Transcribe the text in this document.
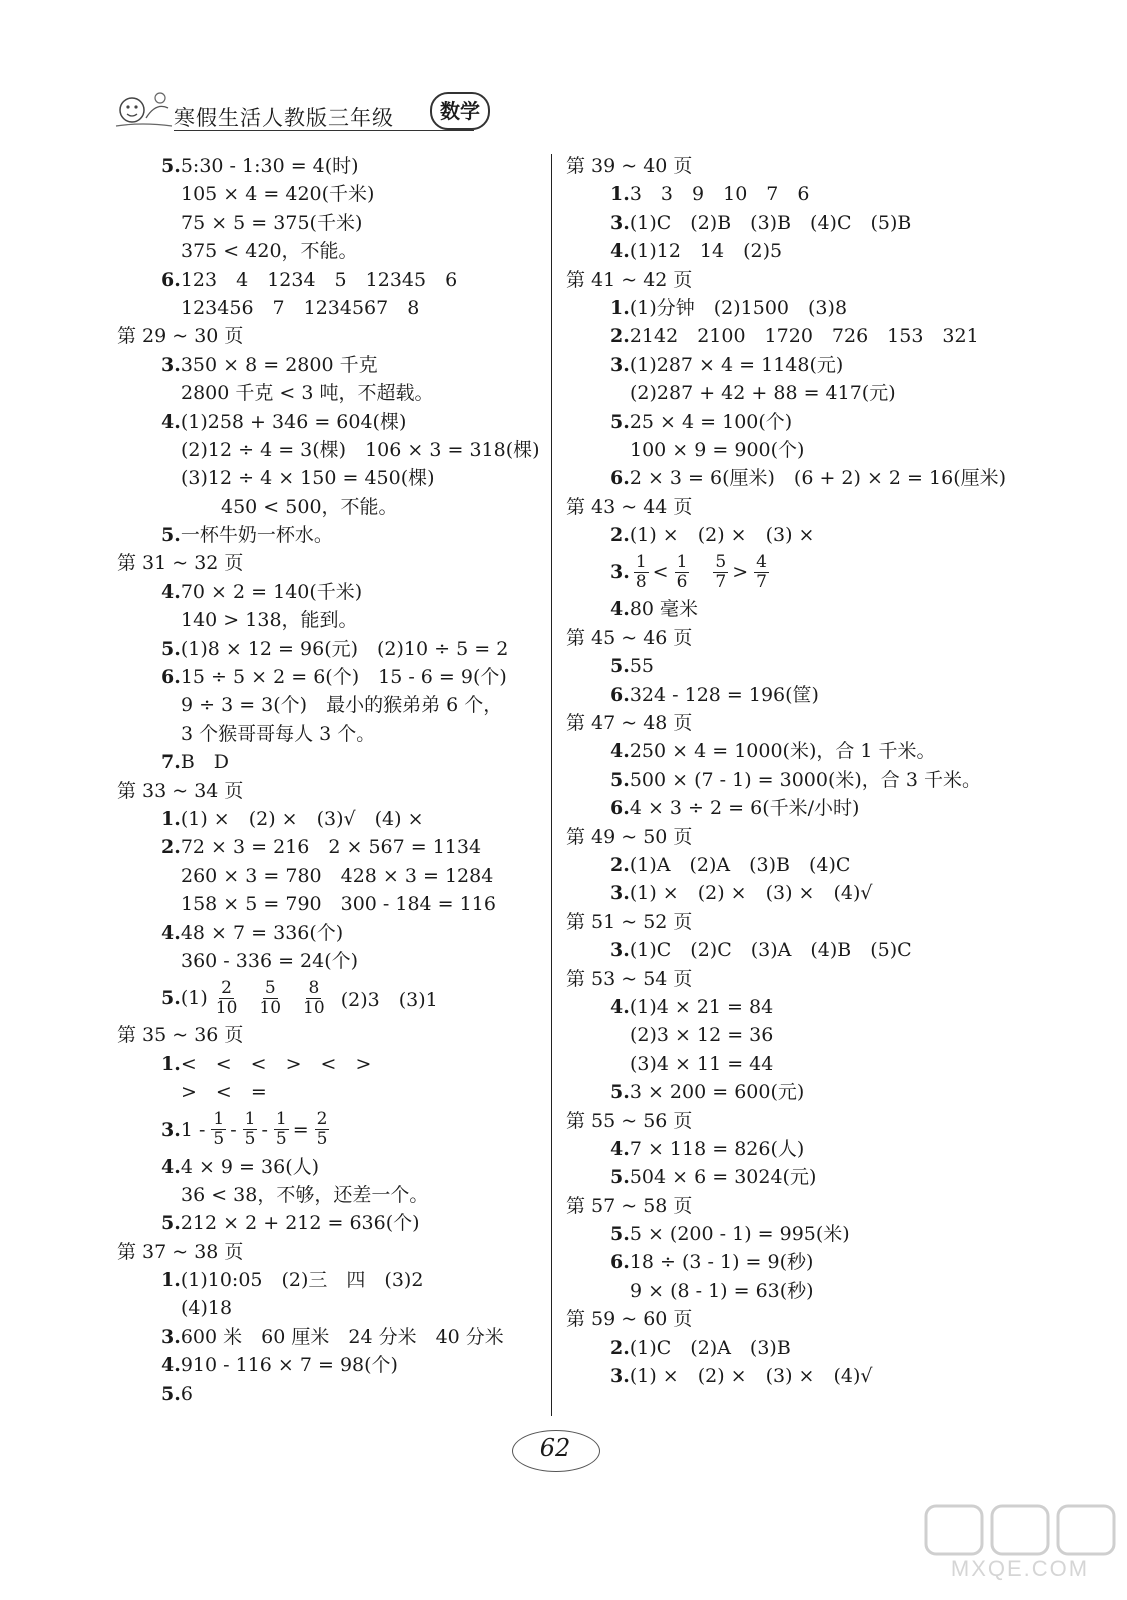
寒假生活人教版三年级	数学
5.5:30 - 1:30 = 4(时)
105 × 4 = 420(千米)
75 × 5 = 375(千米)
375 < 420，不能。
6.123　4　1234　5　12345　6
123456　7　1234567　8
第 29 ~ 30 页
3.350 × 8 = 2800 千克
2800 千克 < 3 吨，不超载。
4.(1)258 + 346 = 604(棵)
(2)12 ÷ 4 = 3(棵)　106 × 3 = 318(棵)
(3)12 ÷ 4 × 150 = 450(棵)
450 < 500，不能。
5.一杯牛奶一杯水。
第 31 ~ 32 页
4.70 × 2 = 140(千米)
140 > 138，能到。
5.(1)8 × 12 = 96(元)　(2)10 ÷ 5 = 2
6.15 ÷ 5 × 2 = 6(个)　15 - 6 = 9(个)
9 ÷ 3 = 3(个)　最小的猴弟弟 6 个，
3 个猴哥哥每人 3 个。
7.B　D
第 33 ~ 34 页
1.(1) ×　(2) ×　(3)√　(4) ×
2.72 × 3 = 216　2 × 567 = 1134
260 × 3 = 780　428 × 3 = 1284
158 × 5 = 790　300 - 184 = 116
4.48 × 7 = 336(个)
360 - 336 = 24(个)
5. $(1) \frac{2}{10} \frac{5}{10} \frac{8}{10} (2)3$　(3)1
第 35 ~ 36 页
1.<　<　<　>　<　>
>　<　=
3. $1 - \frac{1}{5} - \frac{1}{5} - \frac{1}{5} = \frac{2}{5}$
4.4 × 9 = 36(人)
36 < 38，不够，还差一个。
5.212 × 2 + 212 = 636(个)
第 37 ~ 38 页
1.(1)10:05　(2)三　四　(3)2
(4)18
3.600 米　60 厘米　24 分米　40 分米
4.910 - 116 × 7 = 98(个)
5.6
第 39 ~ 40 页
1.3　3　9　10　7　6
3.(1)C　(2)B　(3)B　(4)C　(5)B
4.(1)12　14　(2)5
第 41 ~ 42 页
1.(1)分钟　(2)1500　(3)8
2.2142　2100　1720　726　153　321
3.(1)287 × 4 = 1148(元)
(2)287 + 42 + 88 = 417(元)
5.25 × 4 = 100(个)
100 × 9 = 900(个)
6.2 × 3 = 6(厘米)　(6 + 2) × 2 = 16(厘米)
第 43 ~ 44 页
2.(1) ×　(2) ×　(3) ×
3. $\frac{1}{8} < \frac{1}{6} \frac{5}{7} > \frac{4}{7}$
4.80 毫米
第 45 ~ 46 页
5.55
6.324 - 128 = 196(筐)
第 47 ~ 48 页
4.250 × 4 = 1000(米)，合 1 千米。
5.500 × (7 - 1) = 3000(米)，合 3 千米。
6.4 × 3 ÷ 2 = 6(千米/小时)
第 49 ~ 50 页
2.(1)A　(2)A　(3)B　(4)C
3.(1) ×　(2) ×　(3) ×　(4)√
第 51 ~ 52 页
3.(1)C　(2)C　(3)A　(4)B　(5)C
第 53 ~ 54 页
4.(1)4 × 21 = 84
(2)3 × 12 = 36
(3)4 × 11 = 44
5.3 × 200 = 600(元)
第 55 ~ 56 页
4.7 × 118 = 826(人)
5.504 × 6 = 3024(元)
第 57 ~ 58 页
5.5 × (200 - 1) = 995(米)
6.18 ÷ (3 - 1) = 9(秒)
9 × (8 - 1) = 63(秒)
第 59 ~ 60 页
2.(1)C　(2)A　(3)B
3.(1) ×　(2) ×　(3) ×　(4)√
62
MXQE.COM
